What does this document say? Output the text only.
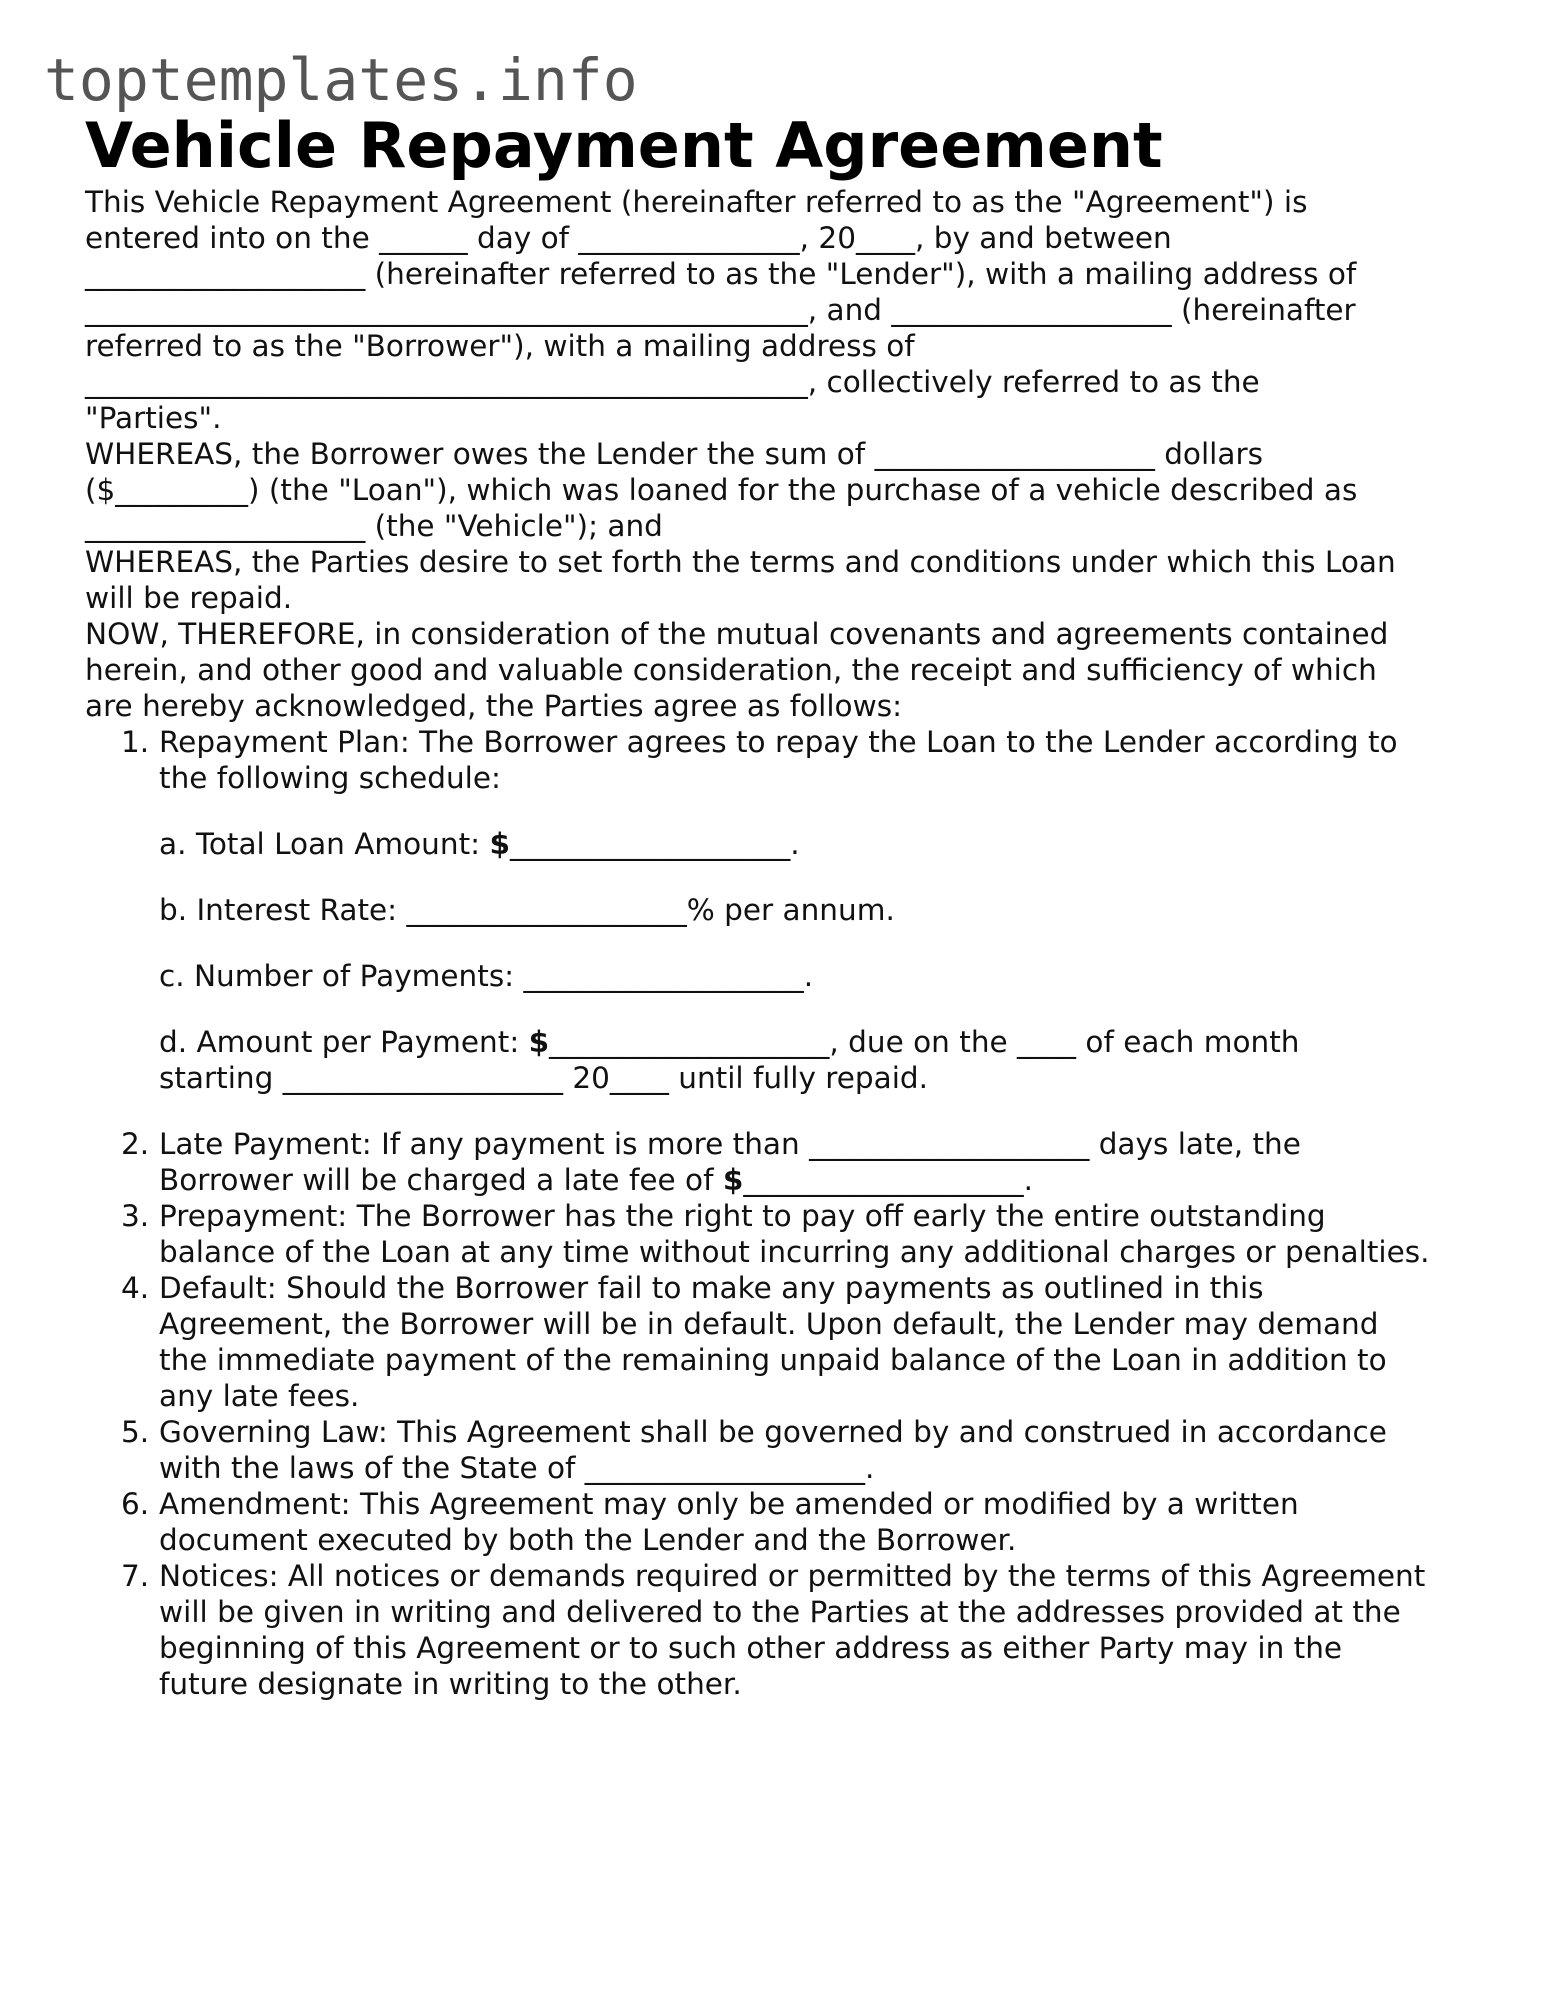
toptemplates.info
Vehicle Repayment Agreement

This Vehicle Repayment Agreement (hereinafter referred to as the "Agreement") is
entered into on the ______ day of _______________, 20____, by and between
___________________ (hereinafter referred to as the "Lender"), with a mailing address of
_________________________________________________, and ___________________ (hereinafter
referred to as the "Borrower"), with a mailing address of
_________________________________________________, collectively referred to as the
"Parties".

WHEREAS, the Borrower owes the Lender the sum of ___________________ dollars
($_________) (the "Loan"), which was loaned for the purchase of a vehicle described as
___________________ (the "Vehicle"); and

WHEREAS, the Parties desire to set forth the terms and conditions under which this Loan
will be repaid.

NOW, THEREFORE, in consideration of the mutual covenants and agreements contained
herein, and other good and valuable consideration, the receipt and sufficiency of which
are hereby acknowledged, the Parties agree as follows:

1. Repayment Plan: The Borrower agrees to repay the Loan to the Lender according to
the following schedule:

a. Total Loan Amount: $___________________.

b. Interest Rate: ___________________% per annum.

c. Number of Payments: ___________________.

d. Amount per Payment: $___________________, due on the ____ of each month
starting ___________________ 20____ until fully repaid.

2. Late Payment: If any payment is more than ___________________ days late, the
Borrower will be charged a late fee of $___________________.
3. Prepayment: The Borrower has the right to pay off early the entire outstanding
balance of the Loan at any time without incurring any additional charges or penalties.
4. Default: Should the Borrower fail to make any payments as outlined in this
Agreement, the Borrower will be in default. Upon default, the Lender may demand
the immediate payment of the remaining unpaid balance of the Loan in addition to
any late fees.
5. Governing Law: This Agreement shall be governed by and construed in accordance
with the laws of the State of ___________________.
6. Amendment: This Agreement may only be amended or modified by a written
document executed by both the Lender and the Borrower.
7. Notices: All notices or demands required or permitted by the terms of this Agreement
will be given in writing and delivered to the Parties at the addresses provided at the
beginning of this Agreement or to such other address as either Party may in the
future designate in writing to the other.
